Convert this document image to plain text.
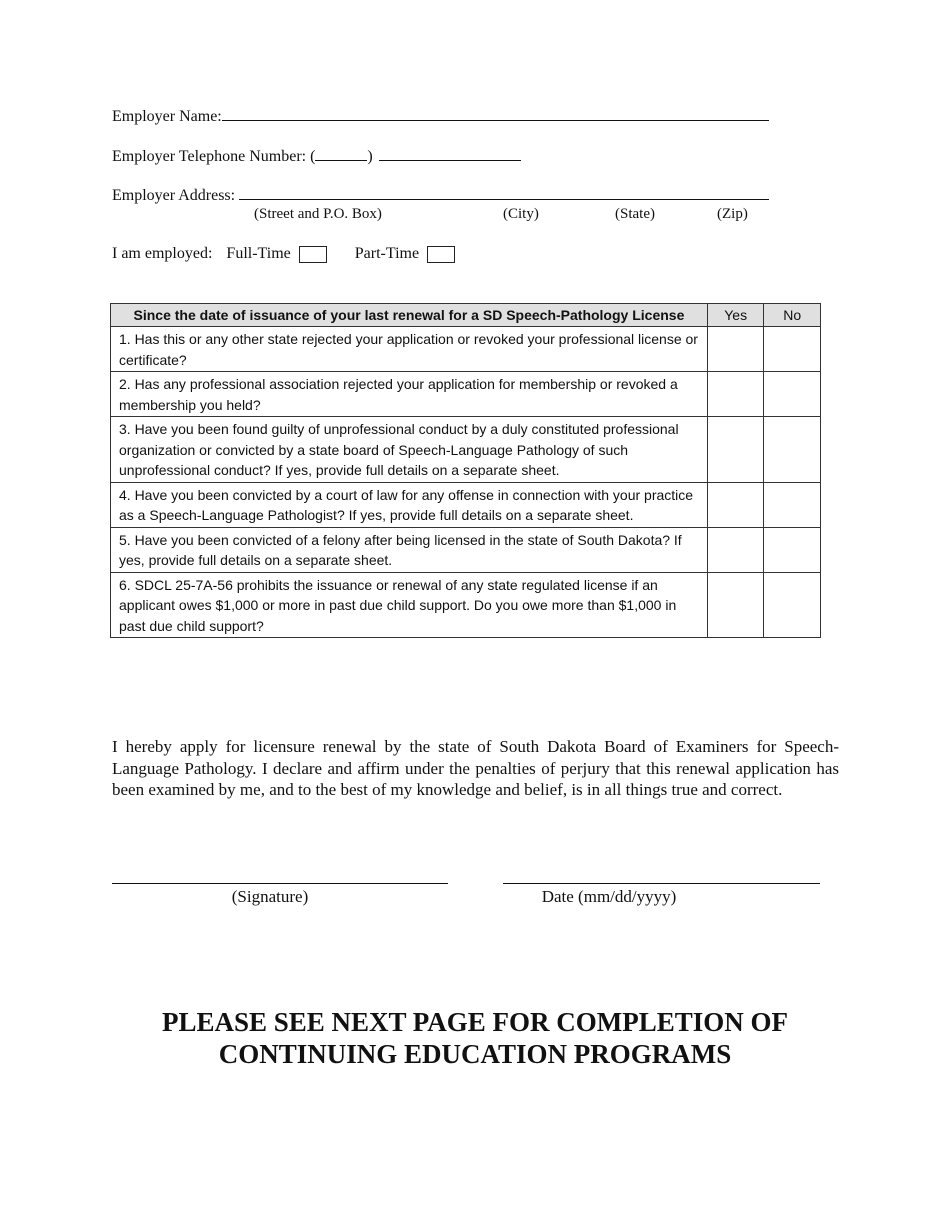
Employer Name:
Employer Telephone Number: (	)
Employer Address:
(Street and P.O. Box)	(City)	(State)	(Zip)
I am employed: Full-Time	Part-Time
Since the date of issuance of your last renewal for a SD Speech-Pathology License	Yes	No
1. Has this or any other state rejected your application or revoked your professional license or certificate?		
2. Has any professional association rejected your application for membership or revoked a membership you held?		
3. Have you been found guilty of unprofessional conduct by a duly constituted professional organization or convicted by a state board of Speech-Language Pathology of such unprofessional conduct? If yes, provide full details on a separate sheet.		
4. Have you been convicted by a court of law for any offense in connection with your practice as a Speech-Language Pathologist? If yes, provide full details on a separate sheet.		
5. Have you been convicted of a felony after being licensed in the state of South Dakota? If yes, provide full details on a separate sheet.		
6. SDCL 25-7A-56 prohibits the issuance or renewal of any state regulated license if an applicant owes $1,000 or more in past due child support. Do you owe more than $1,000 in past due child support?		
I hereby apply for licensure renewal by the state of South Dakota Board of Examiners for Speech-Language Pathology. I declare and affirm under the penalties of perjury that this renewal application has been examined by me, and to the best of my knowledge and belief, is in all things true and correct.
(Signature)	Date (mm/dd/yyyy)
PLEASE SEE NEXT PAGE FOR COMPLETION OF
CONTINUING EDUCATION PROGRAMS
